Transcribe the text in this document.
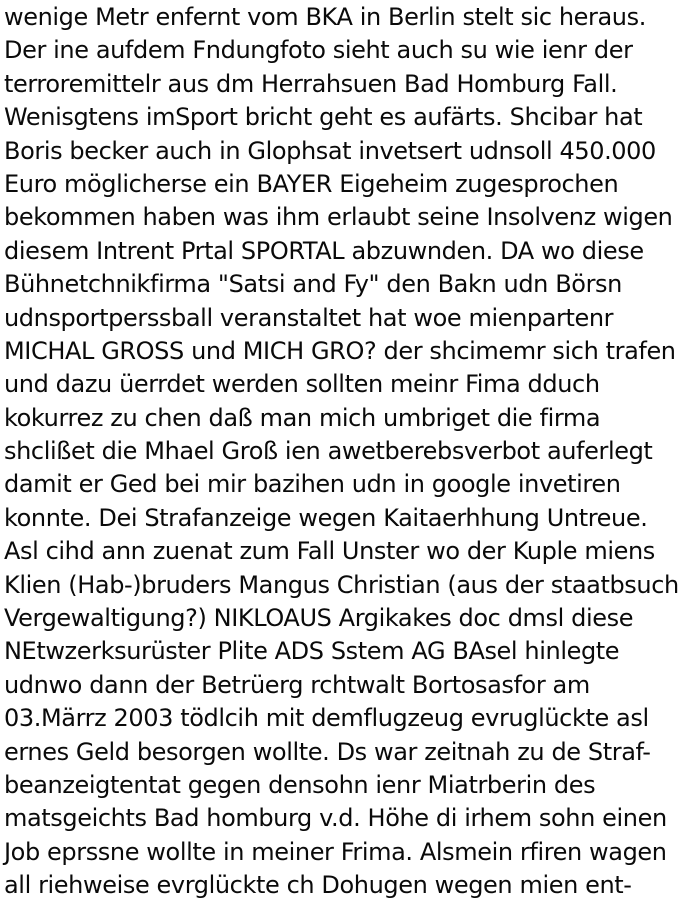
wenige Metr enfernt vom BKA in Berlin stelt sic heraus.
Der ine aufdem Fndungfoto sieht auch su wie ienr der
terroremittelr aus dm Herrahsuen Bad Homburg Fall.
Wenisgtens imSport bricht geht es aufärts. Shcibar hat
Boris becker auch in Glophsat invetsert udnsoll 450.000
Euro möglicherse ein BAYER Eigeheim zugesprochen
bekommen haben was ihm erlaubt seine Insolvenz wigen
diesem Intrent Prtal SPORTAL abzuwnden. DA wo diese
Bühnetchnikfirma "Satsi and Fy" den Bakn udn Börsn
udnsportperssball veranstaltet hat woe mienpartenr
MICHAL GROSS und MICH GRO? der shcimemr sich trafen
und dazu üerrdet werden sollten meinr Fima dduch
kokurrez zu chen daß man mich umbriget die firma
shclißet die Mhael Groß ien awetberebsverbot auferlegt
damit er Ged bei mir bazihen udn in google invetiren
konnte. Dei Strafanzeige wegen Kaitaerhhung Untreue.
Asl cihd ann zuenat zum Fall Unster wo der Kuple miens
Klien (Hab-)bruders Mangus Christian (aus der staatbsuch
Vergewaltigung?) NIKLOAUS Argikakes doc dmsl diese
NEtwzerksurüster Plite ADS Sstem AG BAsel hinlegte
udnwo dann der Betrüerg rchtwalt Bortosasfor am
03.Märrz 2003 tödlcih mit demflugzeug evruglückte asl
ernes Geld besorgen wollte. Ds war zeitnah zu de Straf-
beanzeigtentat gegen densohn ienr Miatrberin des
matsgeichts Bad homburg v.d. Höhe di irhem sohn einen
Job eprssne wollte in meiner Frima. Alsmein rfiren wagen
all riehweise evrglückte ch Dohugen wegen mien ent-
